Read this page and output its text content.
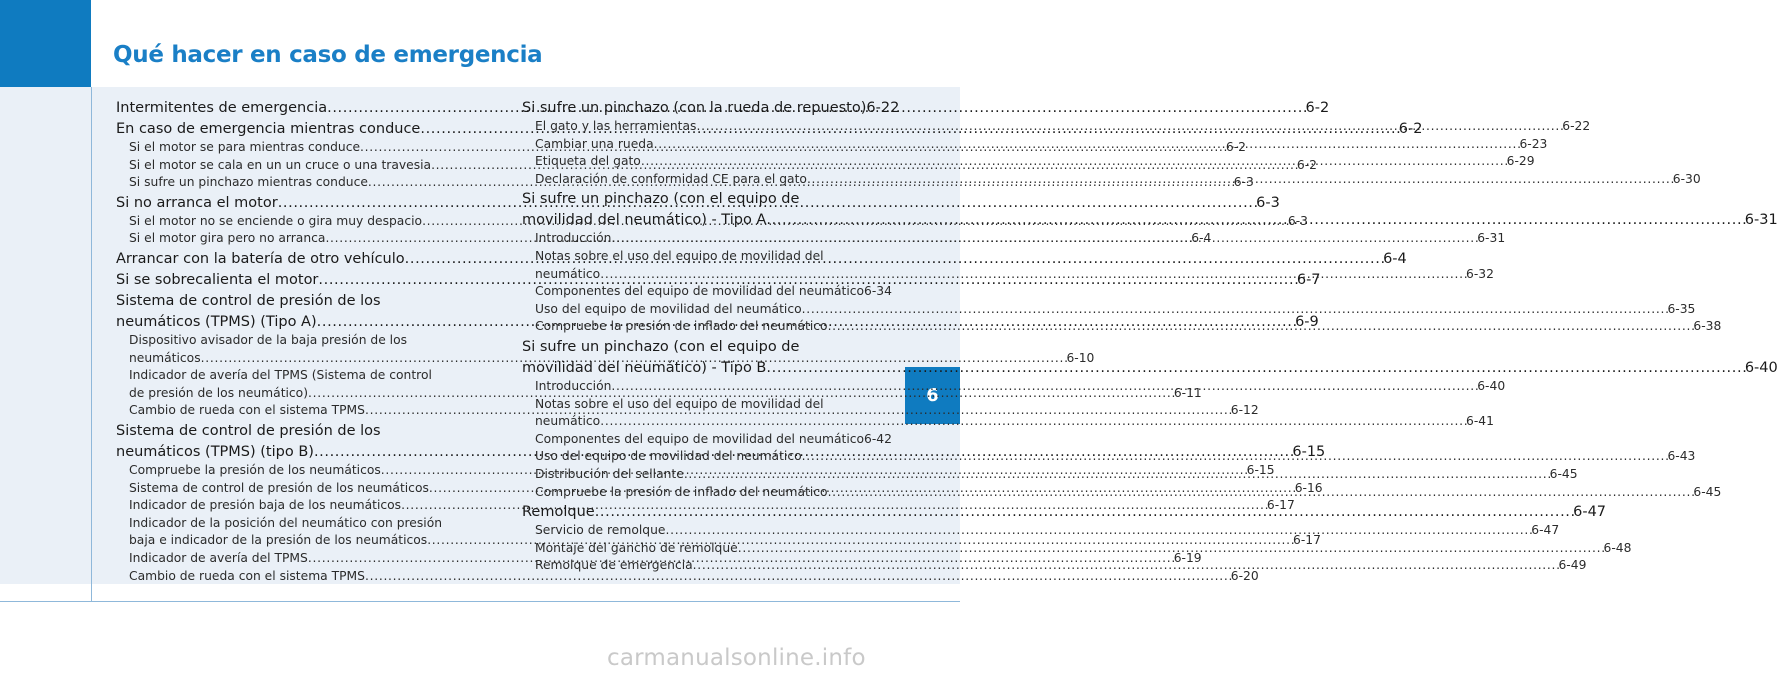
Qué hacer en caso de emergencia
6
Intermitentes de emergencia . . .	6-2
En caso de emergencia mientras conduce . . .	6-2
Si el motor se para mientras conduce . . .	6-2
Si el motor se cala en un un cruce o una travesia . . .	6-2
Si sufre un pinchazo mientras conduce . . .	6-3
Si no arranca el motor . . .	6-3
Si el motor no se enciende o gira muy despacio . . .	6-3
Si el motor gira pero no arranca . . .	6-4
Arrancar con la batería de otro vehículo . . .	6-4
Si se sobrecalienta el motor . . .	6-7
Sistema de control de presión de los
neumáticos (TPMS) (Tipo A) . . .	6-9
Dispositivo avisador de la baja presión de los
neumáticos . . .	6-10
Indicador de avería del TPMS (Sistema de control
de presión de los neumático) . . .	6-11
Cambio de rueda con el sistema TPMS . . .	6-12
Sistema de control de presión de los
neumáticos (TPMS) (tipo B) . . .	6-15
Compruebe la presión de los neumáticos . . .	6-15
Sistema de control de presión de los neumáticos . . .	6-16
Indicador de presión baja de los neumáticos . . .	6-17
Indicador de la posición del neumático con presión
baja e indicador de la presión de los neumáticos . . .	6-17
Indicador de avería del TPMS . . .	6-19
Cambio de rueda con el sistema TPMS . . .	6-20
Si sufre un pinchazo (con la rueda de repuesto) 6-22
El gato y las herramientas . . .	6-22
Cambiar una rueda . . .	6-23
Etiqueta del gato . . .	6-29
Declaración de conformidad CE para el gato . . .	6-30
Si sufre un pinchazo (con el equipo de
movilidad del neumático) - Tipo A . . .	6-31
Introducción . . .	6-31
Notas sobre el uso del equipo de movilidad del
neumático . . .	6-32
Componentes del equipo de movilidad del neumático 6-34
Uso del equipo de movilidad del neumático . . .	6-35
Compruebe la presión de inflado del neumático . . .	6-38
Si sufre un pinchazo (con el equipo de
movilidad del neumático) - Tipo B . . .	6-40
Introducción . . .	6-40
Notas sobre el uso del equipo de movilidad del
neumático . . .	6-41
Componentes del equipo de movilidad del neumático 6-42
Uso del equipo de movilidad del neumático . . .	6-43
Distribución del sellante . . .	6-45
Compruebe la presión de inflado del neumático . . .	6-45
Remolque . . .	6-47
Servicio de remolque . . .	6-47
Montaje del gancho de remolque . . .	6-48
Remolque de emergencia . . .	6-49
carmanualsonline.info
